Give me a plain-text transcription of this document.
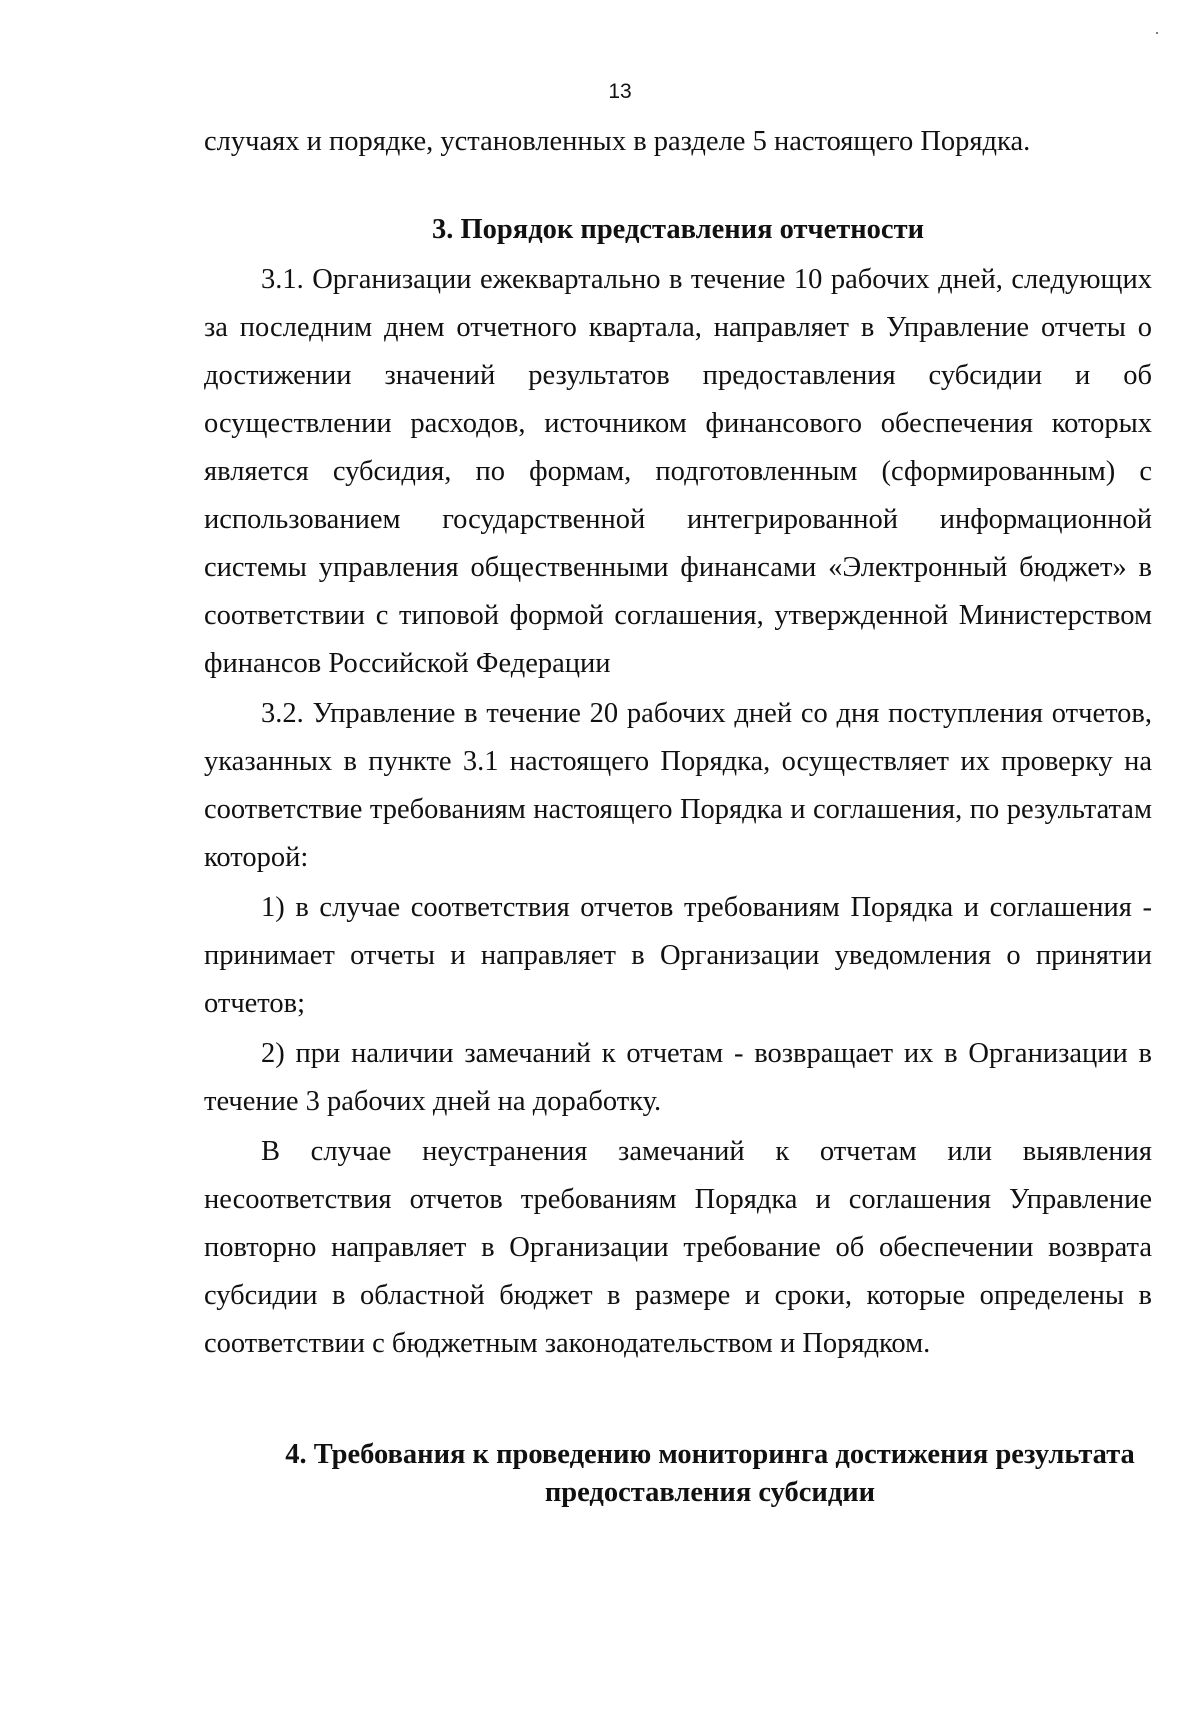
13

случаях и порядке, установленных в разделе 5 настоящего Порядка.

3. Порядок представления отчетности

3.1. Организации ежеквартально в течение 10 рабочих дней, следующих за последним днем отчетного квартала, направляет в Управление отчеты о достижении значений результатов предоставления субсидии и об осуществлении расходов, источником финансового обеспечения которых является субсидия, по формам, подготовленным (сформированным) с использованием государственной интегрированной информационной системы управления общественными финансами «Электронный бюджет» в соответствии с типовой формой соглашения, утвержденной Министерством финансов Российской Федерации

3.2. Управление в течение 20 рабочих дней со дня поступления отчетов, указанных в пункте 3.1 настоящего Порядка, осуществляет их проверку на соответствие требованиям настоящего Порядка и соглашения, по результатам которой:

1) в случае соответствия отчетов требованиям Порядка и соглашения - принимает отчеты и направляет в Организации уведомления о принятии отчетов;

2) при наличии замечаний к отчетам - возвращает их в Организации в течение 3 рабочих дней на доработку.

В случае неустранения замечаний к отчетам или выявления несоответствия отчетов требованиям Порядка и соглашения Управление повторно направляет в Организации требование об обеспечении возврата субсидии в областной бюджет в размере и сроки, которые определены в соответствии с бюджетным законодательством и Порядком.

4. Требования к проведению мониторинга достижения результата
предоставления субсидии
